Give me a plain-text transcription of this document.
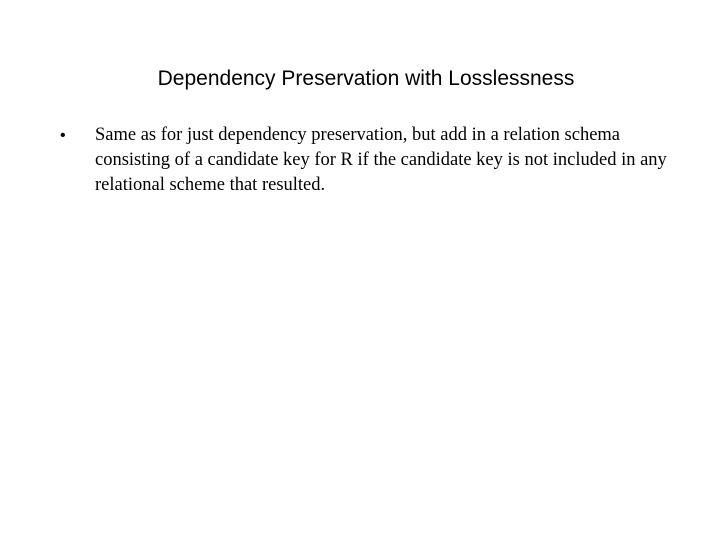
Dependency Preservation with Losslessness
• Same as for just dependency preservation, but add in a relation schema consisting of a candidate key for R if the candidate key is not included in any relational scheme that resulted.
